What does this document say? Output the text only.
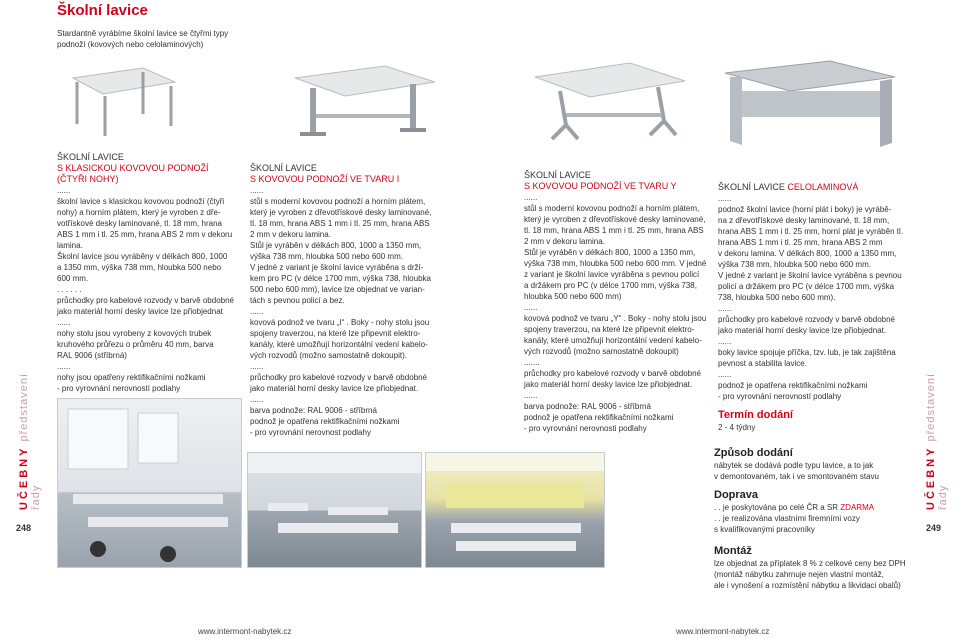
Školní lavice
Stardantně vyrábíme školní lavice se čtyřmi typy
podnoží (kovových nebo celolaminových)
ŠKOLNÍ LAVICE
S KLASICKOU KOVOVOU PODNOŽÍ
(ČTYŘI NOHY)

......

školní lavice s klasickou kovovou podnoží (čtyři

nohy) a horním plátem, který je vyroben z dře-

votřískové desky laminované, tl. 18 mm, hrana

ABS 1 mm i tl. 25 mm, hrana ABS 2 mm v dekoru

lamina.

Školní lavice jsou vyráběny v délkách 800, 1000

a 1350 mm, výška 738 mm, hloubka 500 nebo

600 mm.

. . . . . .

průchodky pro kabelové rozvody v barvě obdobné

jako materiál horní desky lavice lze přiobjednat

......

nohy stolu jsou vyrobeny z kovových trubek

kruhového průřezu o průměru 40 mm, barva

RAL 9006 (stříbrná)

......

nohy jsou opatřeny rektifikačními nožkami

- pro vyrovnání nerovností podlahy

ŠKOLNÍ LAVICE
S KOVOVOU PODNOŽÍ VE TVARU I

......

stůl s moderní kovovou podnoží a horním plátem,

který je vyroben z dřevotřískové desky laminované,

tl. 18 mm, hrana ABS 1 mm i tl. 25 mm, hrana ABS

2 mm v dekoru lamina.

Stůl je vyráběn v délkách 800, 1000 a 1350 mm,

výška 738 mm, hloubka 500 nebo 600 mm.

V jedné z variant je školní lavice vyráběna s drží-

kem pro PC (v délce 1700 mm, výška 738, hloubka

500 nebo 600 mm), lavice lze objednat ve varian-

tách s pevnou policí a bez.

......

kovová podnož ve tvaru „I“ . Boky - nohy stolu jsou

spojeny traverzou, na které lze připevnit elektro-

kanály, které umožňují horizontální vedení kabelo-

vých rozvodů (možno samostatně dokoupit).

......

průchodky pro kabelové rozvody v barvě obdobné

jako materiál horní desky lavice lze přiobjednat.

......

barva podnože: RAL 9006 - stříbrná

podnož je opatřena rektifikačními nožkami

- pro vyrovnání nerovnost podlahy

ŠKOLNÍ LAVICE
S KOVOVOU PODNOŽÍ VE TVARU Y

......

stůl s moderní kovovou podnoží a horním plátem,

který je vyroben z dřevotřískové desky laminované,

tl. 18 mm, hrana ABS 1 mm i tl. 25 mm, hrana ABS

2 mm v dekoru lamina.

Stůl je vyráběn v délkách 800, 1000 a 1350 mm,

výška 738 mm, hloubka 500 nebo 600 mm. V jedné

z variant je školní lavice vyráběna s pevnou policí

a držákem pro PC (v délce 1700 mm, výška 738,

hloubka 500 nebo 600 mm)

......

kovová podnož ve tvaru „Y“ . Boky - nohy stolu jsou

spojeny traverzou, na které lze připevnit elektro-

kanály, které umožňují horizontální vedení kabelo-

vých rozvodů (možno samostatně dokoupit)

.......

průchodky pro kabelové rozvody v barvě obdobné

jako materiál horní desky lavice lze přiobjednat.

......

barva podnože: RAL 9006 - stříbrná

podnož je opatřena rektifikačními nožkami

- pro vyrovnání nerovnosti podlahy

ŠKOLNÍ LAVICE CELOLAMINOVÁ

......

podnož školní lavice (horní plát i boky) je vyrábě-

na z dřevotřískové desky laminované, tl. 18 mm,

hrana ABS 1 mm i tl. 25 mm, horní plát je vyráběn tl.

hrana ABS 1 mm i tl. 25 mm, hrana ABS 2 mm

v dekoru lamina. V délkách 800, 1000 a 1350 mm,

výška 738 mm, hloubka 500 nebo 600 mm.

V jedné z variant je školní lavice vyráběna s pevnou

policí a držákem pro PC (v délce 1700 mm, výška

738, hloubka 500 nebo 600 mm).

......

průchodky pro kabelové rozvody v barvě obdobné

jako materiál horní desky lavice lze přiobjednat.

......

boky lavice spojuje příčka, tzv. lub, je tak zajištěna

pevnost a stabilita lavice.

......

podnož je opatřena rektifikačními nožkami

- pro vyrovnání nerovností podlahy

Termín dodání

2 - 4 týdny

Způsob dodání

nábytek se dodává podle typu lavice, a to jak

v demontovaném, tak i ve smontovaném stavu

Doprava

. . je poskytována po celé ČR a SR ZDARMA

. . je realizována vlastními firemními vozy

s kvalifikovanými pracovníky

Montáž

lze objednat za příplatek 8 % z celkové ceny bez DPH

(montáž nábytku zahrnuje nejen vlastní montáž,

ale i vynošení a rozmístění nábytku a likvidaci obalů)

UČEBNY představení řady	UČEBNY představení řady
248	249
www.intermont-nabytek.cz	www.intermont-nabytek.cz
